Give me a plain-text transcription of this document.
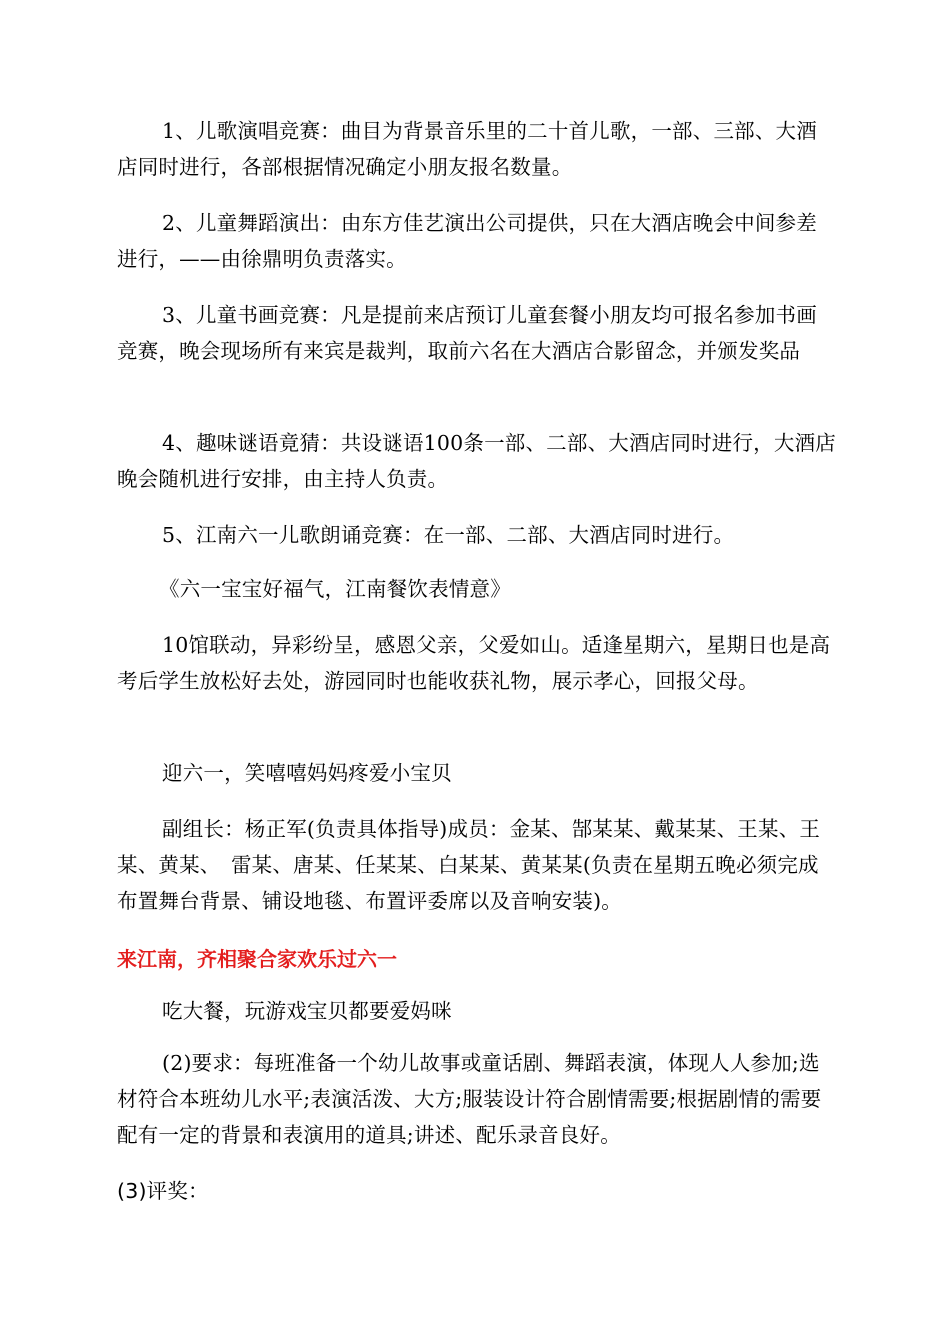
1、儿歌演唱竞赛：曲目为背景音乐里的二十首儿歌，一部、三部、大酒店同时进行，各部根据情况确定小朋友报名数量。

2、儿童舞蹈演出：由东方佳艺演出公司提供，只在大酒店晚会中间参差进行，——由徐鼎明负责落实。

3、儿童书画竞赛：凡是提前来店预订儿童套餐小朋友均可报名参加书画竞赛，晚会现场所有来宾是裁判，取前六名在大酒店合影留念，并颁发奖品

4、趣味谜语竟猜：共设谜语100条一部、二部、大酒店同时进行，大酒店晚会随机进行安排，由主持人负责。

5、江南六一儿歌朗诵竞赛：在一部、二部、大酒店同时进行。

《六一宝宝好福气，江南餐饮表情意》

10馆联动，异彩纷呈，感恩父亲，父爱如山。适逢星期六，星期日也是高考后学生放松好去处，游园同时也能收获礼物，展示孝心，回报父母。

迎六一，笑嘻嘻妈妈疼爱小宝贝

副组长：杨正军(负责具体指导)成员：金某、郜某某、戴某某、王某、王某、黄某、　雷某、唐某、任某某、白某某、黄某某(负责在星期五晚必须完成布置舞台背景、铺设地毯、布置评委席以及音响安装)。

来江南，齐相聚合家欢乐过六一

吃大餐，玩游戏宝贝都要爱妈咪

(2)要求：每班准备一个幼儿故事或童话剧、舞蹈表演，体现人人参加;选材符合本班幼儿水平;表演活泼、大方;服装设计符合剧情需要;根据剧情的需要配有一定的背景和表演用的道具;讲述、配乐录音良好。

(3)评奖：
